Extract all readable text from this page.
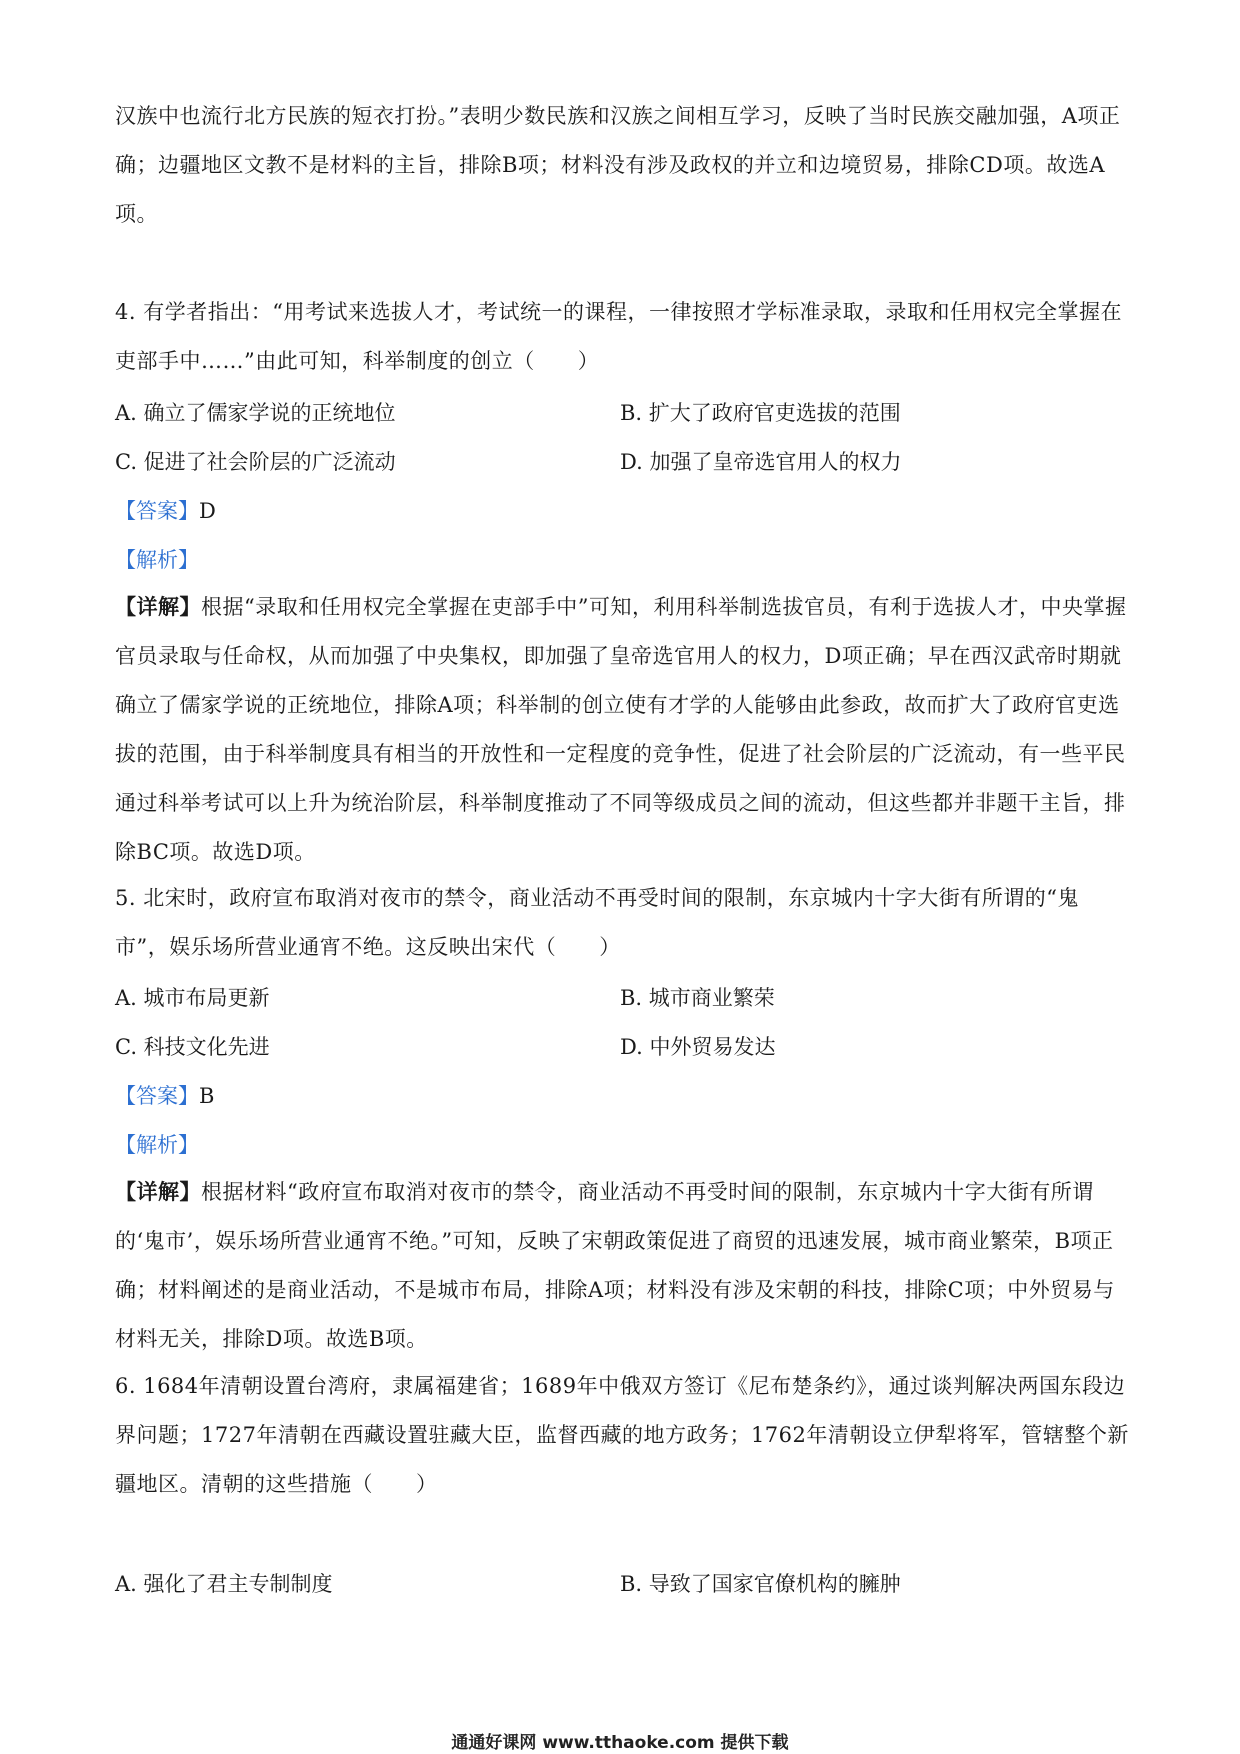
汉族中也流行北方民族的短衣打扮。”表明少数民族和汉族之间相互学习，反映了当时民族交融加强，A项正确；边疆地区文教不是材料的主旨，排除B项；材料没有涉及政权的并立和边境贸易，排除CD项。故选A项。

4. 有学者指出：“用考试来选拔人才，考试统一的课程，一律按照才学标准录取，录取和任用权完全掌握在吏部手中……”由此可知，科举制度的创立（　　）

A. 确立了儒家学说的正统地位	B. 扩大了政府官吏选拔的范围

C. 促进了社会阶层的广泛流动	D. 加强了皇帝选官用人的权力

【答案】D

【解析】

【详解】根据“录取和任用权完全掌握在吏部手中”可知，利用科举制选拔官员，有利于选拔人才，中央掌握官员录取与任命权，从而加强了中央集权，即加强了皇帝选官用人的权力，D项正确；早在西汉武帝时期就确立了儒家学说的正统地位，排除A项；科举制的创立使有才学的人能够由此参政，故而扩大了政府官吏选拔的范围，由于科举制度具有相当的开放性和一定程度的竞争性，促进了社会阶层的广泛流动，有一些平民通过科举考试可以上升为统治阶层，科举制度推动了不同等级成员之间的流动，但这些都并非题干主旨，排除BC项。故选D项。

5. 北宋时，政府宣布取消对夜市的禁令，商业活动不再受时间的限制，东京城内十字大街有所谓的“鬼市”，娱乐场所营业通宵不绝。这反映出宋代（　　）

A. 城市布局更新	B. 城市商业繁荣

C. 科技文化先进	D. 中外贸易发达

【答案】B

【解析】

【详解】根据材料“政府宣布取消对夜市的禁令，商业活动不再受时间的限制，东京城内十字大街有所谓的‘鬼市’，娱乐场所营业通宵不绝。”可知，反映了宋朝政策促进了商贸的迅速发展，城市商业繁荣，B项正确；材料阐述的是商业活动，不是城市布局，排除A项；材料没有涉及宋朝的科技，排除C项；中外贸易与材料无关，排除D项。故选B项。

6. 1684年清朝设置台湾府，隶属福建省；1689年中俄双方签订《尼布楚条约》，通过谈判解决两国东段边界问题；1727年清朝在西藏设置驻藏大臣，监督西藏的地方政务；1762年清朝设立伊犁将军，管辖整个新疆地区。清朝的这些措施（　　）

A. 强化了君主专制制度	B. 导致了国家官僚机构的臃肿

通通好课网 www.tthaoke.com 提供下载
